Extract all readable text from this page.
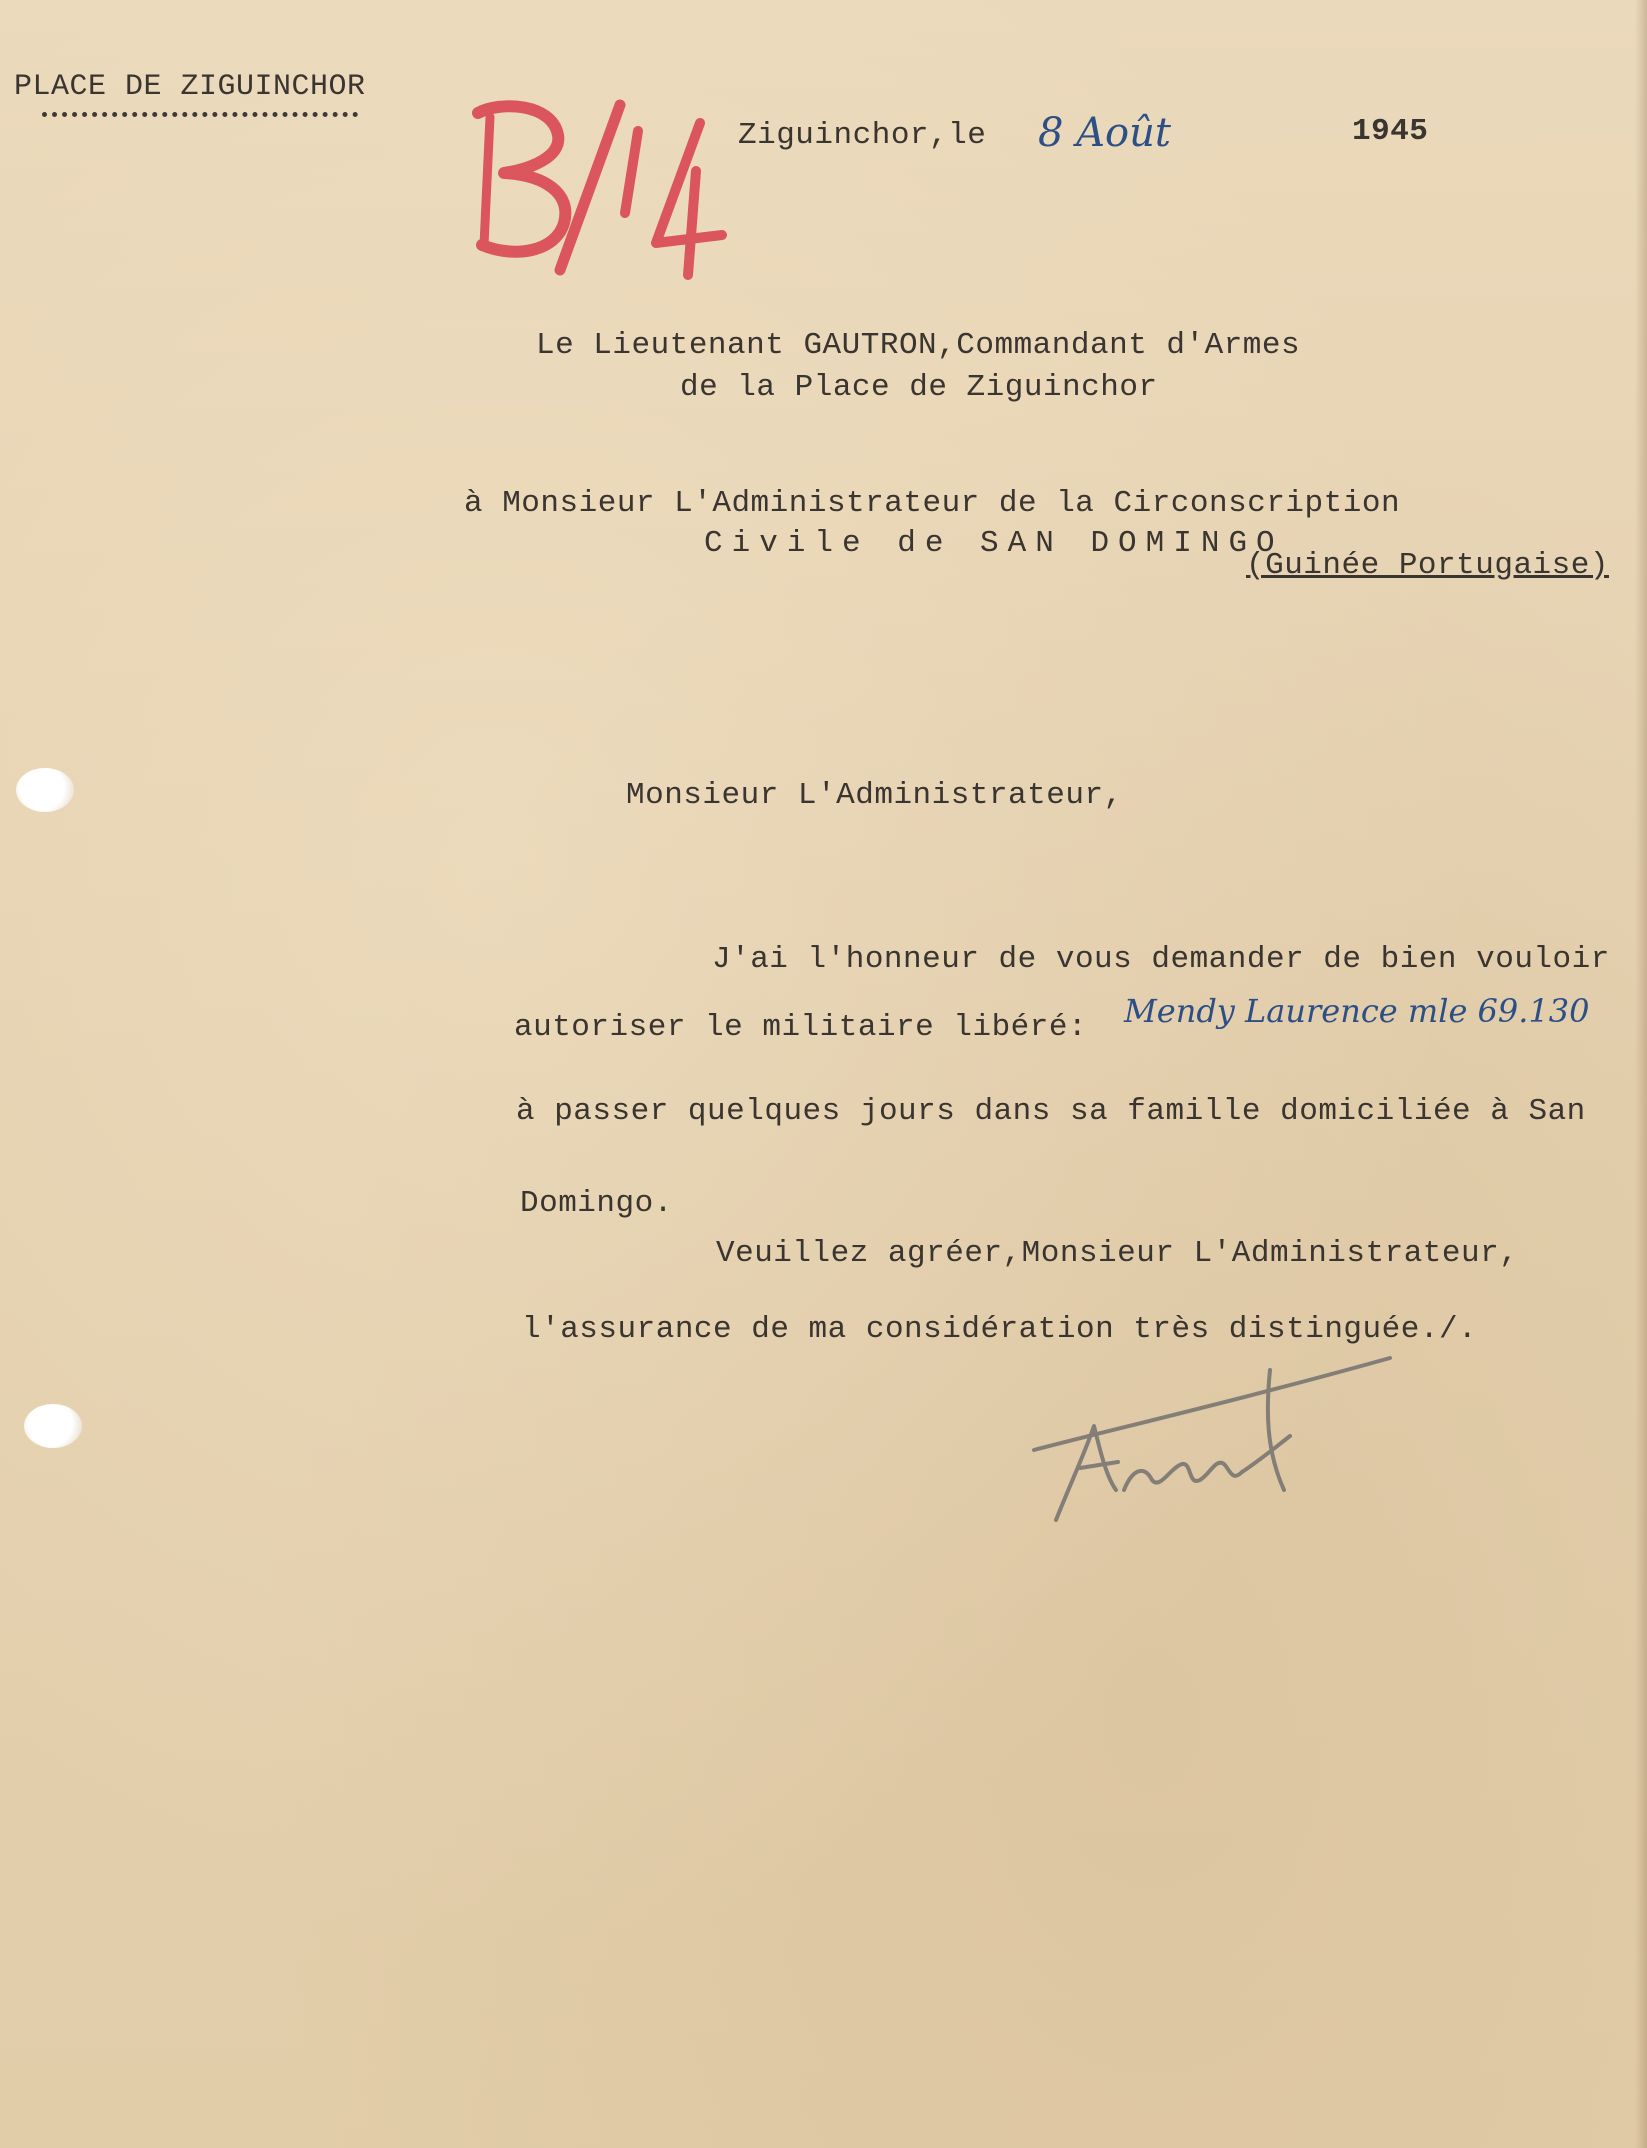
PLACE DE ZIGUINCHOR
Ziguinchor,le 8 Août	1945
Le Lieutenant GAUTRON,Commandant d'Armes
de la Place de Ziguinchor
à Monsieur L'Administrateur de la Circonscription
Civile de SAN DOMINGO
(Guinée Portugaise)
Monsieur L'Administrateur,
J'ai l'honneur de vous demander de bien vouloir
autoriser le militaire libéré: Mendy Laurence mle 69.130
à passer quelques jours dans sa famille domiciliée à San
Domingo.
Veuillez agréer,Monsieur L'Administrateur,
l'assurance de ma considération très distinguée./.
